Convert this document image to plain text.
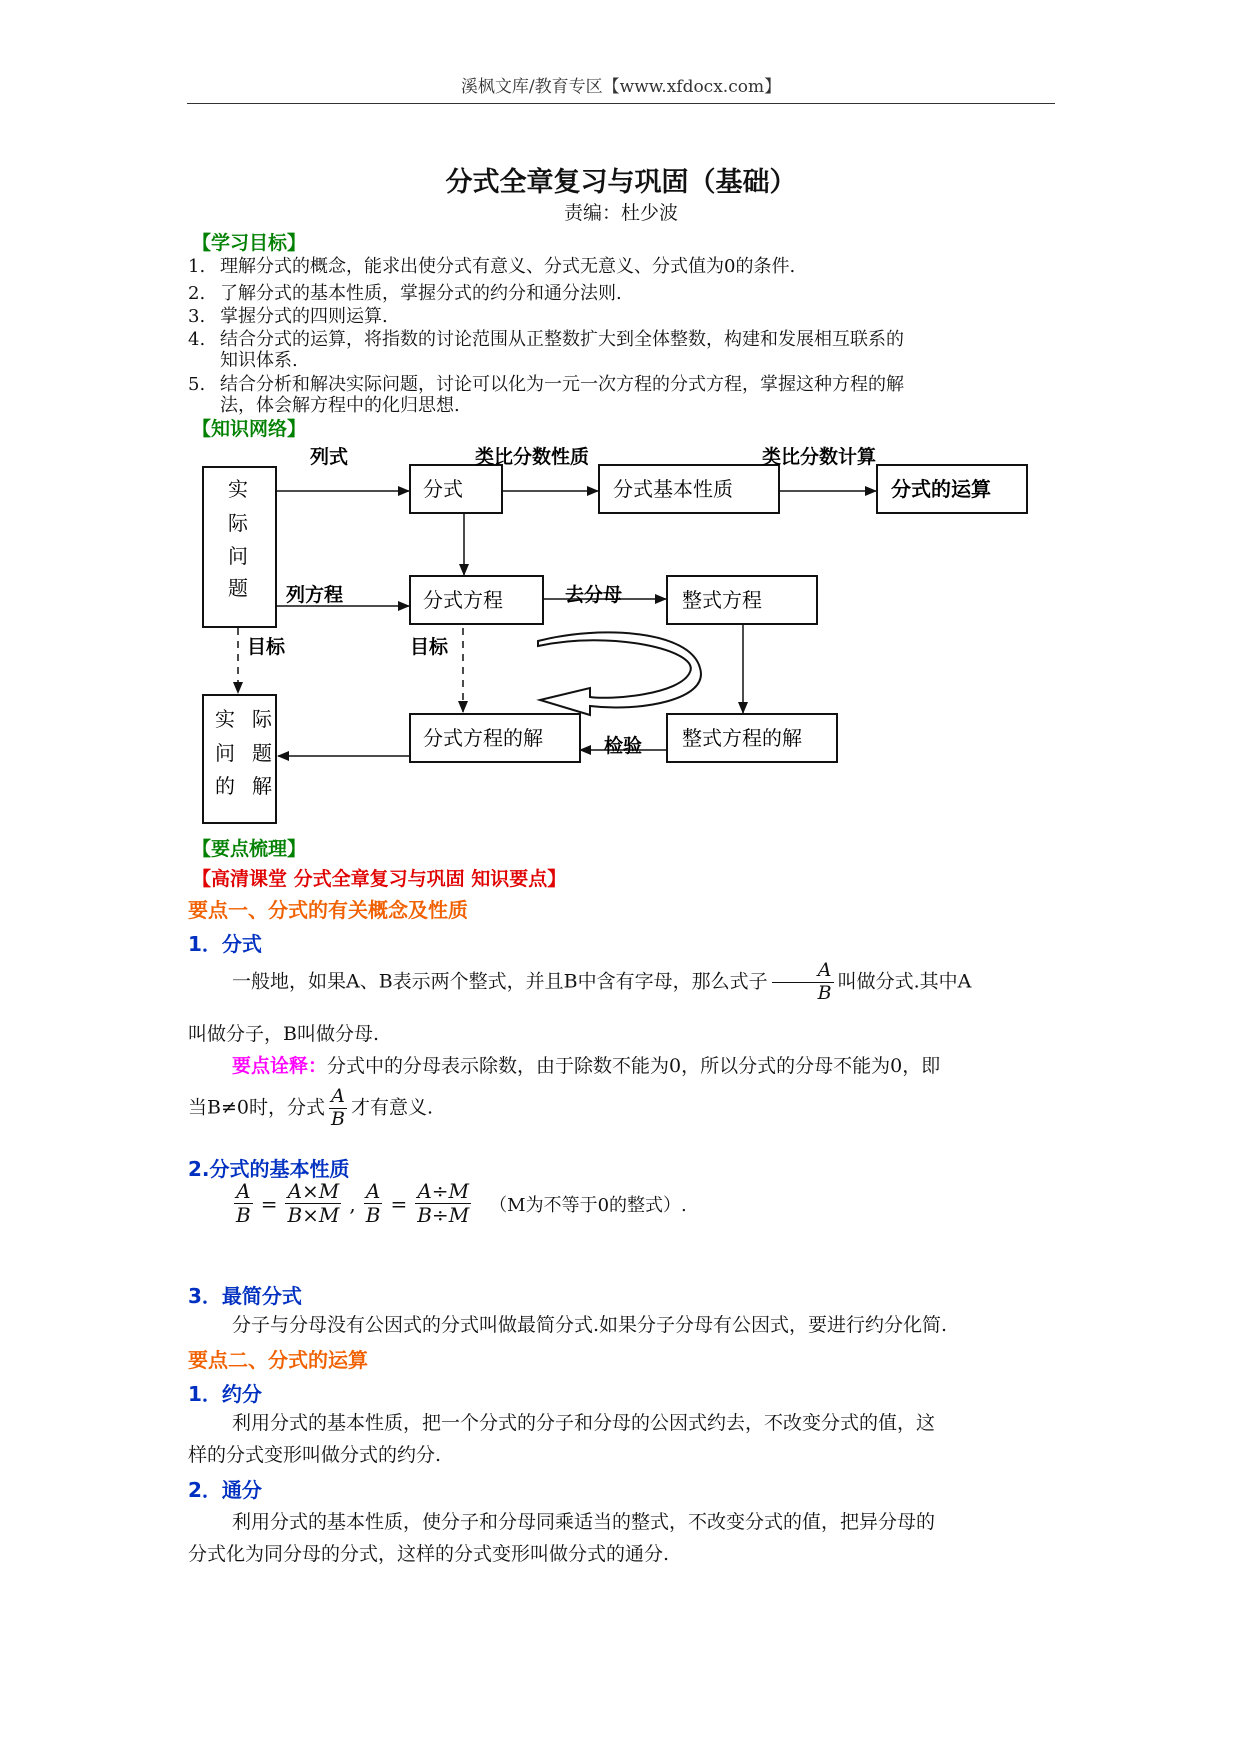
溪枫文库/教育专区【www.xfdocx.com】
分式全章复习与巩固（基础）
责编：杜少波
【学习目标】
1. 理解分式的概念，能求出使分式有意义、分式无意义、分式值为0的条件.
2. 了解分式的基本性质，掌握分式的约分和通分法则.
3. 掌握分式的四则运算.
4. 结合分式的运算，将指数的讨论范围从正整数扩大到全体整数，构建和发展相互联系的
知识体系.
5. 结合分析和解决实际问题，讨论可以化为一元一次方程的分式方程，掌握这种方程的解
法，体会解方程中的化归思想.
【知识网络】
实
际
问
题
分式	分式基本性质
分式方程	整式方程
实 际
问 题
的 解
分式方程的解	整式方程的解
分式的运算
列式	类比分数性质	类比分数计算
列方程	去分母
检验
目标	目标
【要点梳理】
【高清课堂 分式全章复习与巩固 知识要点】
要点一、分式的有关概念及性质
1．分式
一般地，如果A、B表示两个整式，并且B中含有字母，那么式子 $\frac{A}{B}$ 叫做分式.其中A
叫做分子，B叫做分母.
要点诠释：分式中的分母表示除数，由于除数不能为0，所以分式的分母不能为0，即
当B≠0时，分式 $\frac{A}{B}$ 才有意义.
2.分式的基本性质
$\frac{A}{B} = \frac{A\times M}{B\times M}$ , $\frac{A}{B} = \frac{A\div M}{B\div M} (M$为不等于0的整式）.
3．最简分式
分子与分母没有公因式的分式叫做最简分式.如果分子分母有公因式，要进行约分化简.
要点二、分式的运算
1．约分
利用分式的基本性质，把一个分式的分子和分母的公因式约去，不改变分式的值，这
样的分式变形叫做分式的约分.
2．通分
利用分式的基本性质，使分子和分母同乘适当的整式，不改变分式的值，把异分母的
分式化为同分母的分式，这样的分式变形叫做分式的通分.
